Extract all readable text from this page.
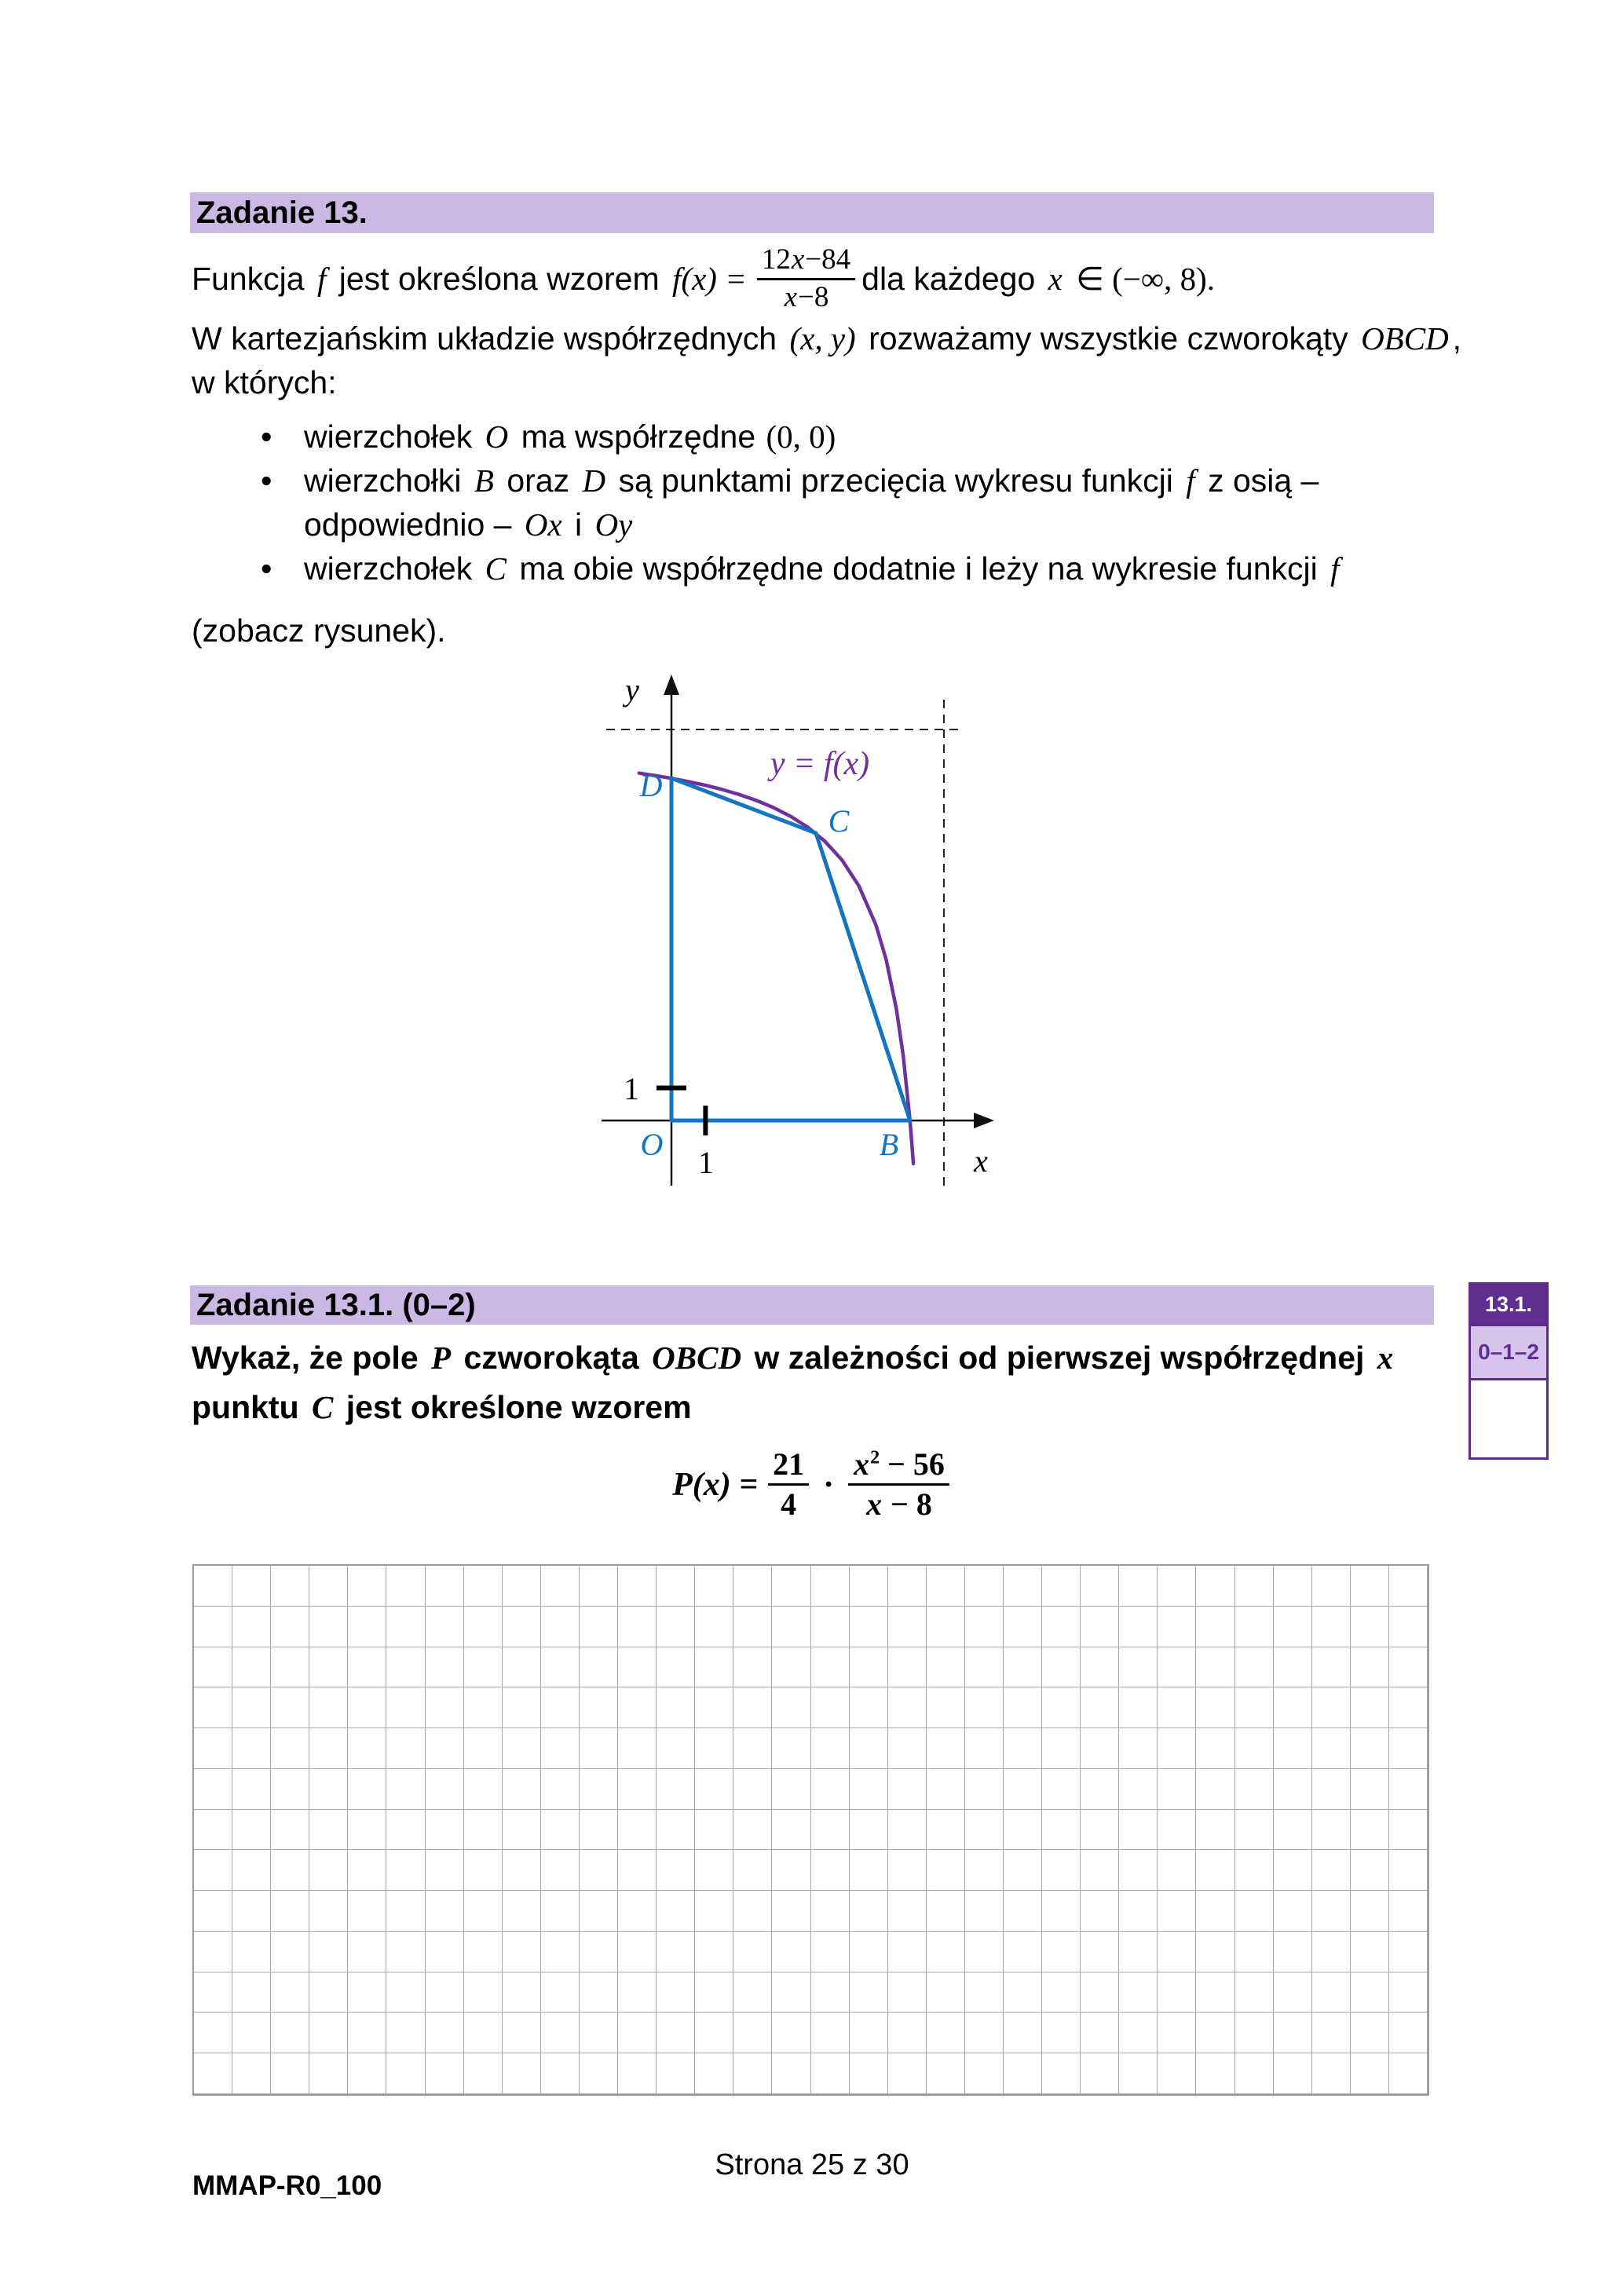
Zadanie 13.
Funkcja f jest określona wzorem $f(x) = \frac{12x-84}{x-8}$ dla każdego x ∈ (−∞, 8).
W kartezjańskim układzie współrzędnych (x, y) rozważamy wszystkie czworokąty OBCD ,
w których:
• wierzchołek O ma współrzędne (0, 0)
• wierzchołki B oraz D są punktami przecięcia wykresu funkcji f z osią –
odpowiednio – Ox i Oy
• wierzchołek C ma obie współrzędne dodatnie i leży na wykresie funkcji f
(zobacz rysunek).
y
x
y = f(x)
O	B
C
D
1
1
Zadanie 13.1. (0–2)	13.1.
0–1–2
Wykaż, że pole P czworokąta OBCD w zależności od pierwszej współrzędnej x
punktu C jest określone wzorem
$P(x) = \frac{21}{4} \cdot \frac{x^2 - 56}{x - 8}$
Strona 25 z 30
MMAP-R0_100
